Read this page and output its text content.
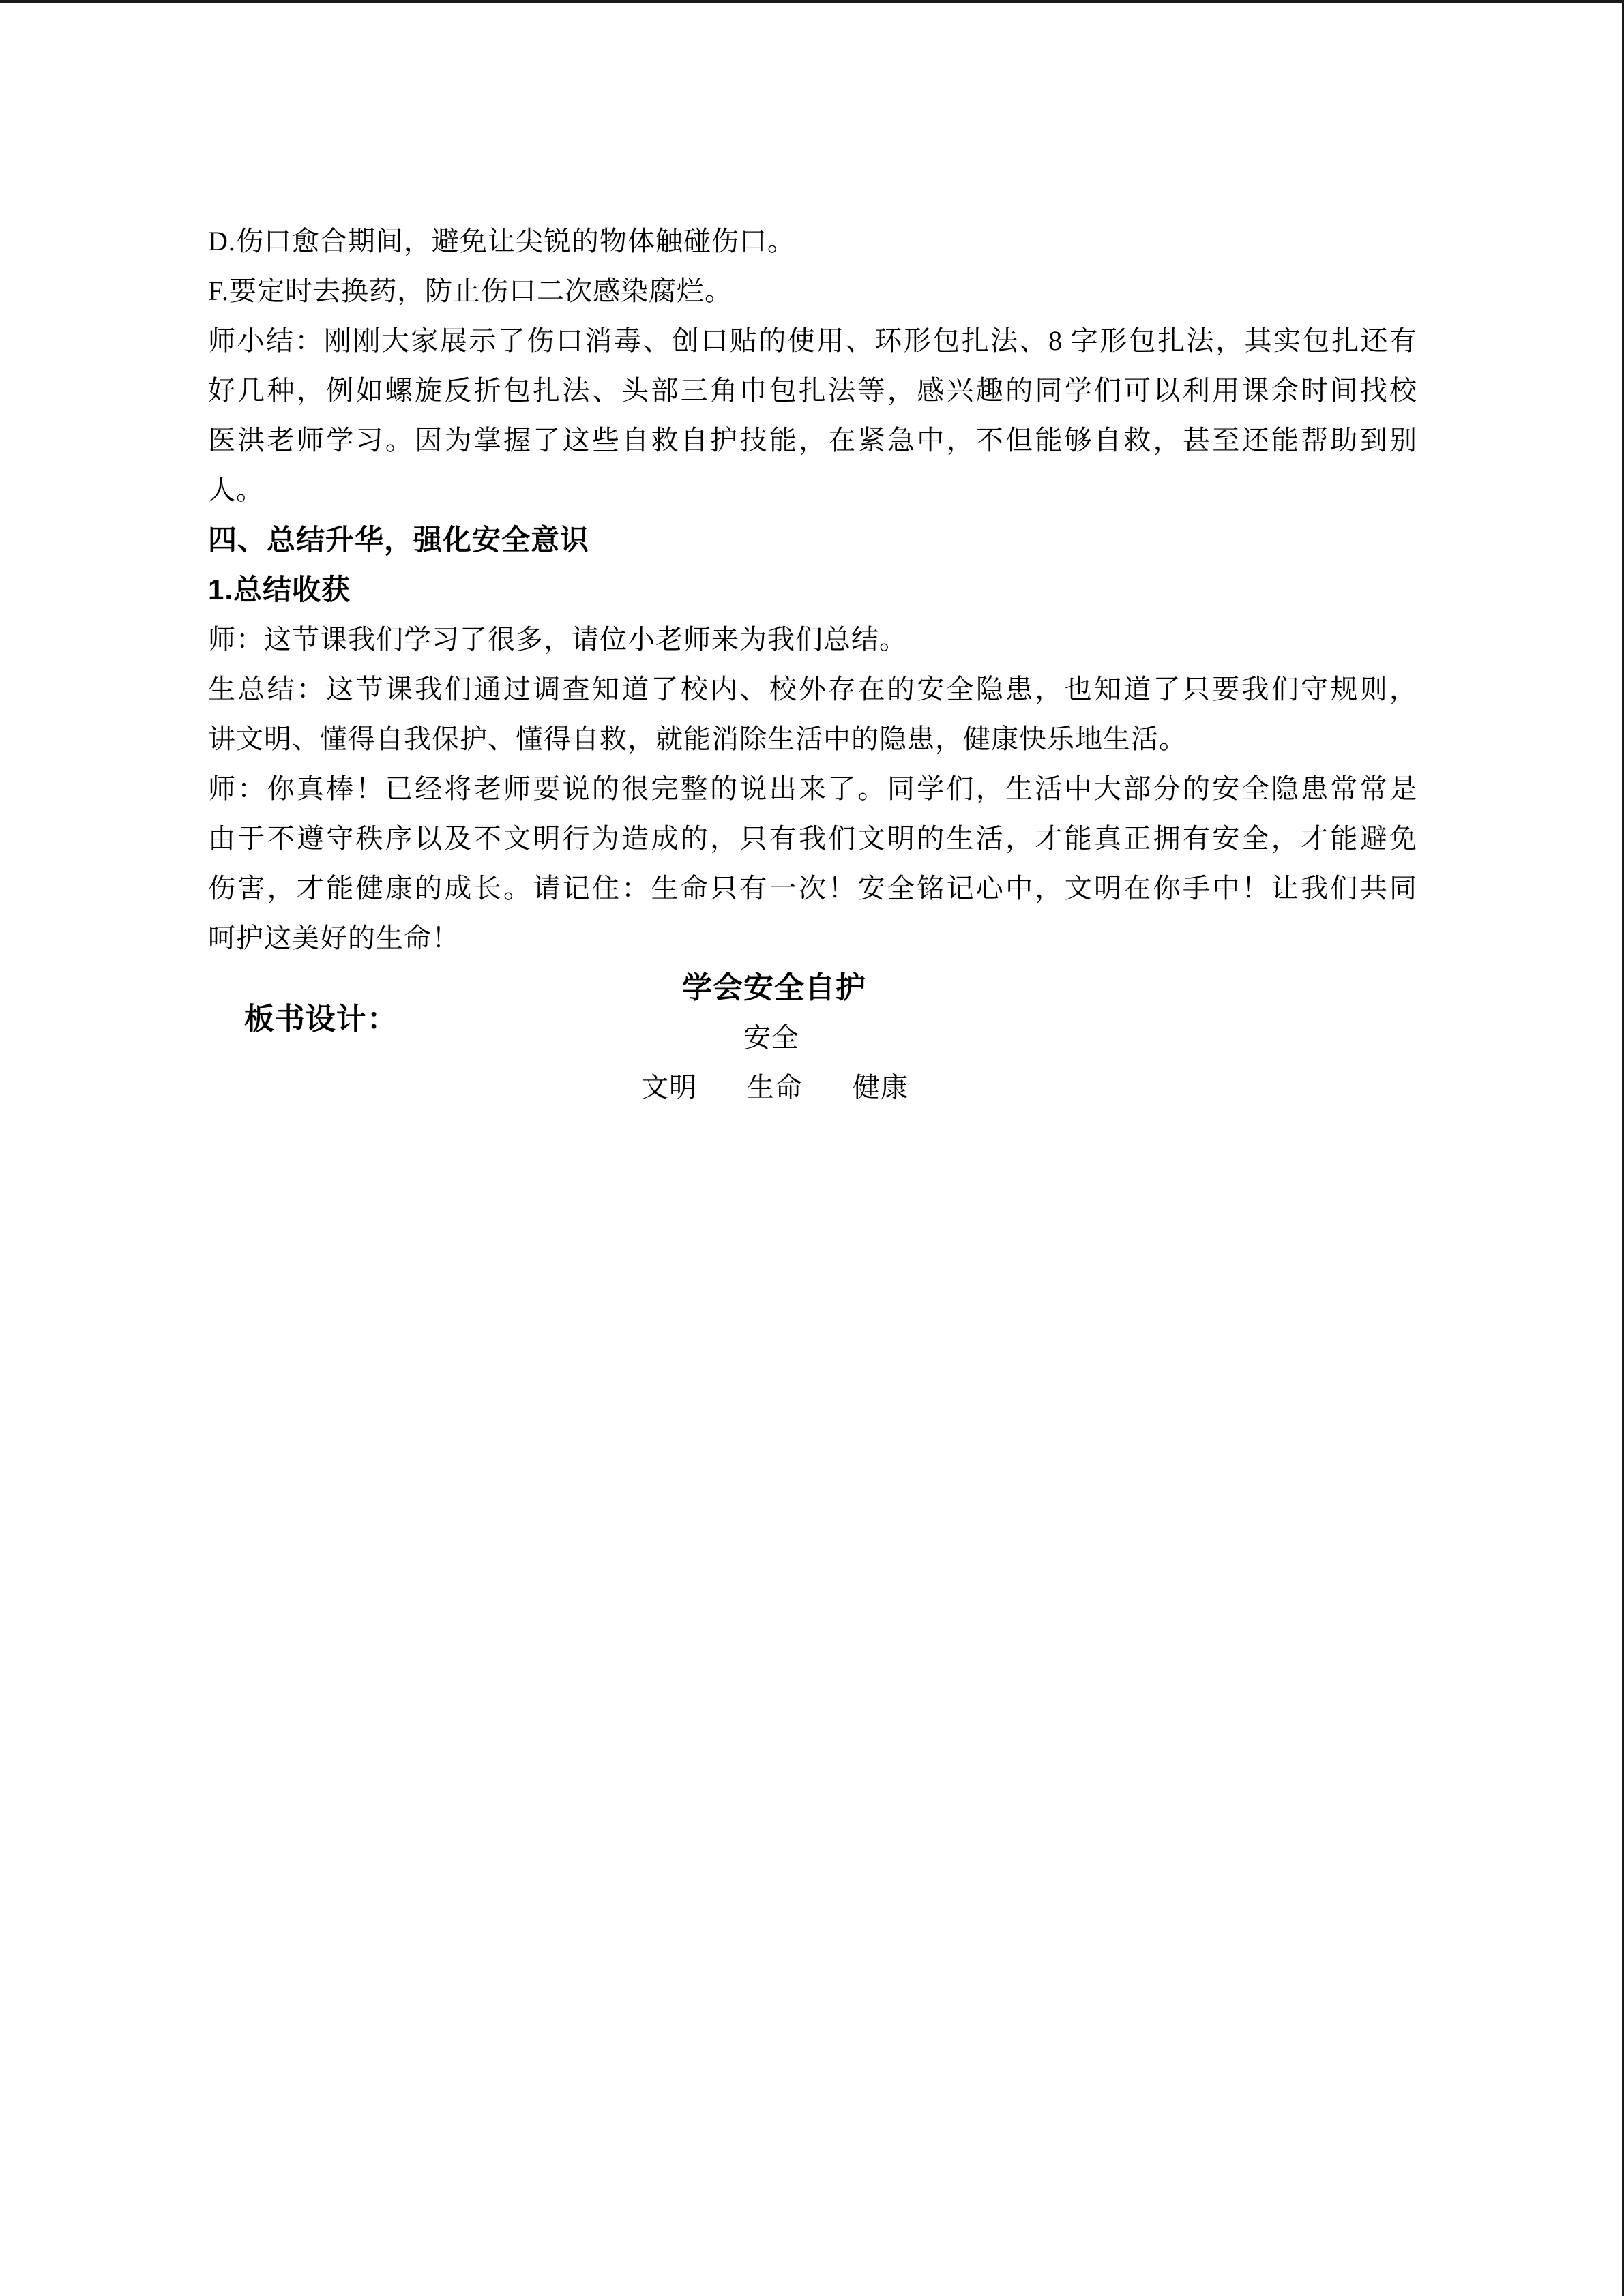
D.伤口愈合期间，避免让尖锐的物体触碰伤口。
F.要定时去换药，防止伤口二次感染腐烂。
师小结：刚刚大家展示了伤口消毒、创口贴的使用、环形包扎法、8 字形包扎法，其实包扎还有
好几种，例如螺旋反折包扎法、头部三角巾包扎法等，感兴趣的同学们可以利用课余时间找校
医洪老师学习。因为掌握了这些自救自护技能，在紧急中，不但能够自救，甚至还能帮助到别
人。
四、总结升华，强化安全意识
1.总结收获
师：这节课我们学习了很多，请位小老师来为我们总结。
生总结：这节课我们通过调查知道了校内、校外存在的安全隐患，也知道了只要我们守规则，
讲文明、懂得自我保护、懂得自救，就能消除生活中的隐患，健康快乐地生活。
师：你真棒！已经将老师要说的很完整的说出来了。同学们，生活中大部分的安全隐患常常是
由于不遵守秩序以及不文明行为造成的，只有我们文明的生活，才能真正拥有安全，才能避免
伤害，才能健康的成长。请记住：生命只有一次！安全铭记心中，文明在你手中！让我们共同
呵护这美好的生命！

板书设计：

学会安全自护

安全
文明 生命 健康
